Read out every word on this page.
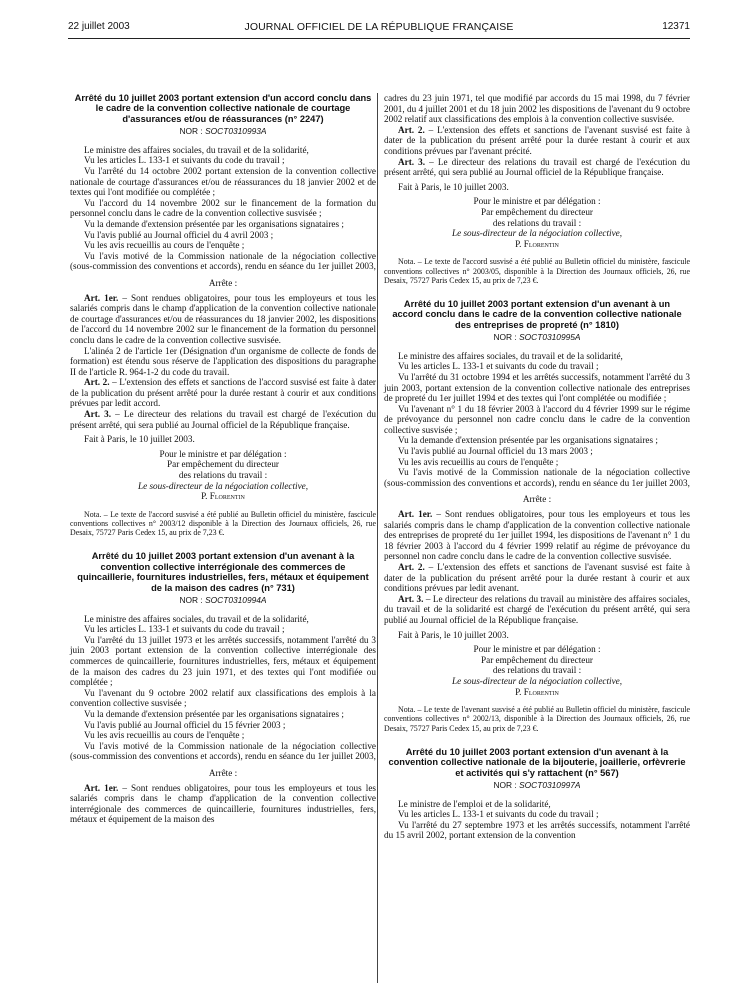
22 juillet 2003	JOURNAL OFFICIEL DE LA RÉPUBLIQUE FRANÇAISE	12371
Arrêté du 10 juillet 2003 portant extension d'un accord conclu dans le cadre de la convention collective nationale de courtage d'assurances et/ou de réassurances (n° 2247)
NOR : SOCT0310993A

Le ministre des affaires sociales, du travail et de la solidarité,

Vu les articles L. 133-1 et suivants du code du travail ;

Vu l'arrêté du 14 octobre 2002 portant extension de la convention collective nationale de courtage d'assurances et/ou de réassurances du 18 janvier 2002 et de textes qui l'ont modifiée ou complétée ;

Vu l'accord du 14 novembre 2002 sur le financement de la formation du personnel conclu dans le cadre de la convention collective susvisée ;

Vu la demande d'extension présentée par les organisations signataires ;

Vu l'avis publié au Journal officiel du 4 avril 2003 ;

Vu les avis recueillis au cours de l'enquête ;

Vu l'avis motivé de la Commission nationale de la négociation collective (sous-commission des conventions et accords), rendu en séance du 1er juillet 2003,

Arrête :

Art. 1er. – Sont rendues obligatoires, pour tous les employeurs et tous les salariés compris dans le champ d'application de la convention collective nationale de courtage d'assurances et/ou de réassurances du 18 janvier 2002, les dispositions de l'accord du 14 novembre 2002 sur le financement de la formation du personnel conclu dans le cadre de la convention collective susvisée.

L'alinéa 2 de l'article 1er (Désignation d'un organisme de collecte de fonds de formation) est étendu sous réserve de l'application des dispositions du paragraphe II de l'article R. 964-1-2 du code du travail.

Art. 2. – L'extension des effets et sanctions de l'accord susvisé est faite à dater de la publication du présent arrêté pour la durée restant à courir et aux conditions prévues par ledit accord.

Art. 3. – Le directeur des relations du travail est chargé de l'exécution du présent arrêté, qui sera publié au Journal officiel de la République française.

Fait à Paris, le 10 juillet 2003.

Pour le ministre et par délégation :

Par empêchement du directeur

des relations du travail :

Le sous-directeur de la négociation collective,

P. Florentin

Nota. – Le texte de l'accord susvisé a été publié au Bulletin officiel du ministère, fascicule conventions collectives n° 2003/12 disponible à la Direction des Journaux officiels, 26, rue Desaix, 75727 Paris Cedex 15, au prix de 7,23 €.

Arrêté du 10 juillet 2003 portant extension d'un avenant à la convention collective interrégionale des commerces de quincaillerie, fournitures industrielles, fers, métaux et équipement de la maison des cadres (n° 731)
NOR : SOCT0310994A

Le ministre des affaires sociales, du travail et de la solidarité,

Vu les articles L. 133-1 et suivants du code du travail ;

Vu l'arrêté du 13 juillet 1973 et les arrêtés successifs, notamment l'arrêté du 3 juin 2003 portant extension de la convention collective interrégionale des commerces de quincaillerie, fournitures industrielles, fers, métaux et équipement de la maison des cadres du 23 juin 1971, et des textes qui l'ont modifiée ou complétée ;

Vu l'avenant du 9 octobre 2002 relatif aux classifications des emplois à la convention collective susvisée ;

Vu la demande d'extension présentée par les organisations signataires ;

Vu l'avis publié au Journal officiel du 15 février 2003 ;

Vu les avis recueillis au cours de l'enquête ;

Vu l'avis motivé de la Commission nationale de la négociation collective (sous-commission des conventions et accords), rendu en séance du 1er juillet 2003,

Arrête :

Art. 1er. – Sont rendues obligatoires, pour tous les employeurs et tous les salariés compris dans le champ d'application de la convention collective interrégionale des commerces de quincaillerie, fournitures industrielles, fers, métaux et équipement de la maison des

cadres du 23 juin 1971, tel que modifié par accords du 15 mai 1998, du 7 février 2001, du 4 juillet 2001 et du 18 juin 2002 les dispositions de l'avenant du 9 octobre 2002 relatif aux classifications des emplois à la convention collective susvisée.

Art. 2. – L'extension des effets et sanctions de l'avenant susvisé est faite à dater de la publication du présent arrêté pour la durée restant à courir et aux conditions prévues par l'avenant précité.

Art. 3. – Le directeur des relations du travail est chargé de l'exécution du présent arrêté, qui sera publié au Journal officiel de la République française.

Fait à Paris, le 10 juillet 2003.

Pour le ministre et par délégation :

Par empêchement du directeur

des relations du travail :

Le sous-directeur de la négociation collective,

P. Florentin

Nota. – Le texte de l'accord susvisé a été publié au Bulletin officiel du ministère, fascicule conventions collectives n° 2003/05, disponible à la Direction des Journaux officiels, 26, rue Desaix, 75727 Paris Cedex 15, au prix de 7,23 €.

Arrêté du 10 juillet 2003 portant extension d'un avenant à un accord conclu dans le cadre de la convention collective nationale des entreprises de propreté (n° 1810)
NOR : SOCT0310995A

Le ministre des affaires sociales, du travail et de la solidarité,

Vu les articles L. 133-1 et suivants du code du travail ;

Vu l'arrêté du 31 octobre 1994 et les arrêtés successifs, notamment l'arrêté du 3 juin 2003, portant extension de la convention collective nationale des entreprises de propreté du 1er juillet 1994 et des textes qui l'ont complétée ou modifiée ;

Vu l'avenant n° 1 du 18 février 2003 à l'accord du 4 février 1999 sur le régime de prévoyance du personnel non cadre conclu dans le cadre de la convention collective susvisée ;

Vu la demande d'extension présentée par les organisations signataires ;

Vu l'avis publié au Journal officiel du 13 mars 2003 ;

Vu les avis recueillis au cours de l'enquête ;

Vu l'avis motivé de la Commission nationale de la négociation collective (sous-commission des conventions et accords), rendu en séance du 1er juillet 2003,

Arrête :

Art. 1er. – Sont rendues obligatoires, pour tous les employeurs et tous les salariés compris dans le champ d'application de la convention collective nationale des entreprises de propreté du 1er juillet 1994, les dispositions de l'avenant n° 1 du 18 février 2003 à l'accord du 4 février 1999 relatif au régime de prévoyance du personnel non cadre conclu dans le cadre de la convention collective susvisée.

Art. 2. – L'extension des effets et sanctions de l'avenant susvisé est faite à dater de la publication du présent arrêté pour la durée restant à courir et aux conditions prévues par ledit avenant.

Art. 3. – Le directeur des relations du travail au ministère des affaires sociales, du travail et de la solidarité est chargé de l'exécution du présent arrêté, qui sera publié au Journal officiel de la République française.

Fait à Paris, le 10 juillet 2003.

Pour le ministre et par délégation :

Par empêchement du directeur

des relations du travail :

Le sous-directeur de la négociation collective,

P. Florentin

Nota. – Le texte de l'avenant susvisé a été publié au Bulletin officiel du ministère, fascicule conventions collectives n° 2002/13, disponible à la Direction des Journaux officiels, 26, rue Desaix, 75727 Paris Cedex 15, au prix de 7,23 €.

Arrêté du 10 juillet 2003 portant extension d'un avenant à la convention collective nationale de la bijouterie, joaillerie, orfèvrerie et activités qui s'y rattachent (n° 567)
NOR : SOCT0310997A

Le ministre de l'emploi et de la solidarité,

Vu les articles L. 133-1 et suivants du code du travail ;

Vu l'arrêté du 27 septembre 1973 et les arrêtés successifs, notamment l'arrêté du 15 avril 2002, portant extension de la convention
